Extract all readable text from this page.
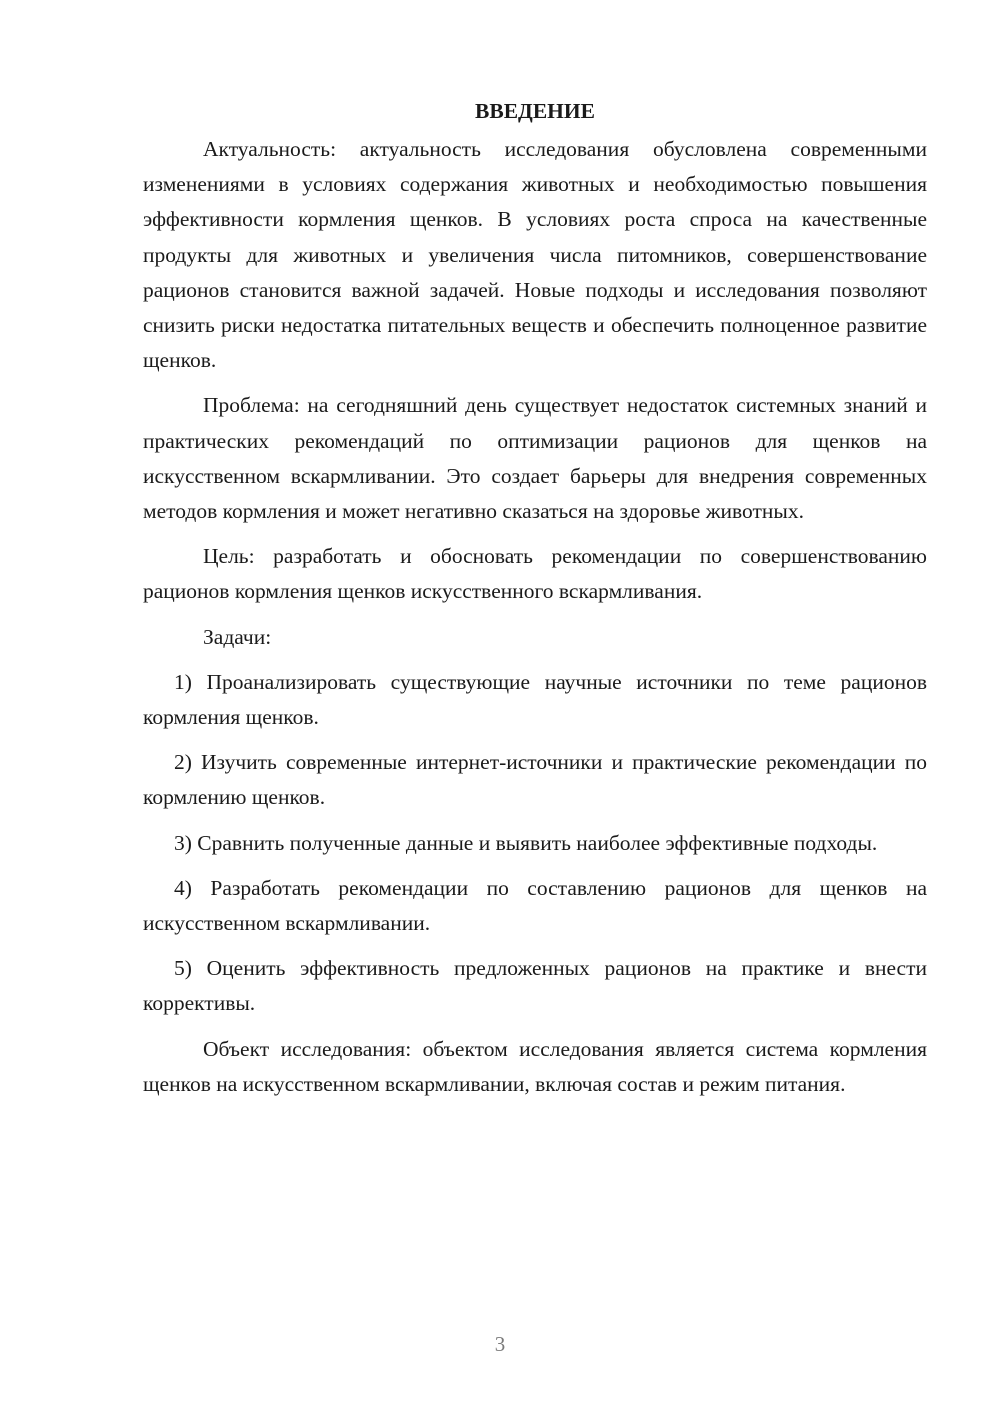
ВВЕДЕНИЕ

Актуальность: актуальность исследования обусловлена современными изменениями в условиях содержания животных и необходимостью повышения эффективности кормления щенков. В условиях роста спроса на качественные продукты для животных и увеличения числа питомников, совершенствование рационов становится важной задачей. Новые подходы и исследования позволяют снизить риски недостатка питательных веществ и обеспечить полноценное развитие щенков.

Проблема: на сегодняшний день существует недостаток системных знаний и практических рекомендаций по оптимизации рационов для щенков на искусственном вскармливании. Это создает барьеры для внедрения современных методов кормления и может негативно сказаться на здоровье животных.

Цель: разработать и обосновать рекомендации по совершенствованию рационов кормления щенков искусственного вскармливания.

Задачи:

1) Проанализировать существующие научные источники по теме рационов кормления щенков.

2) Изучить современные интернет-источники и практические рекомендации по кормлению щенков.

3) Сравнить полученные данные и выявить наиболее эффективные подходы.

4) Разработать рекомендации по составлению рационов для щенков на искусственном вскармливании.

5) Оценить эффективность предложенных рационов на практике и внести коррективы.

Объект исследования: объектом исследования является система кормления щенков на искусственном вскармливании, включая состав и режим питания.

3
